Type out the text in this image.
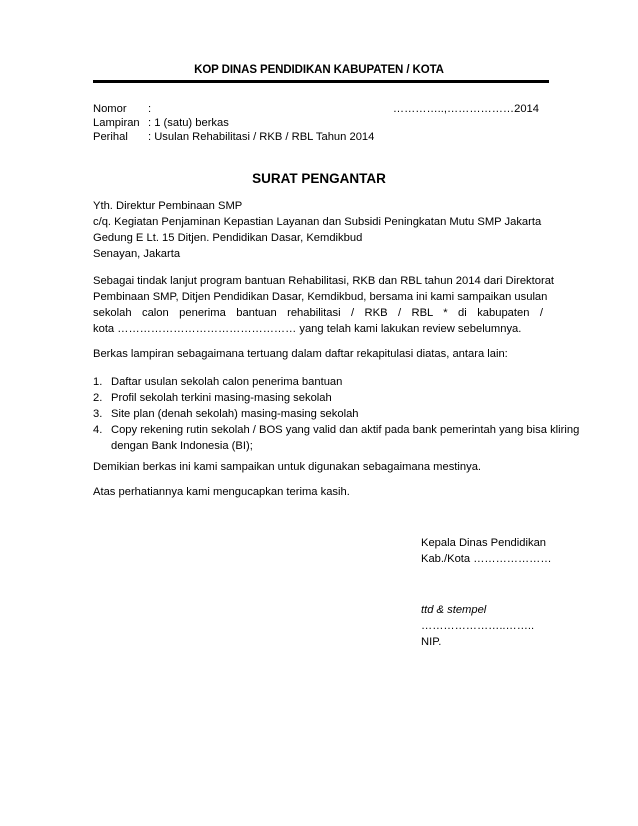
KOP DINAS PENDIDIKAN KABUPATEN / KOTA
Nomor :	…………..,………………2014
Lampiran : 1 (satu) berkas
Perihal : Usulan Rehabilitasi / RKB / RBL Tahun 2014
SURAT PENGANTAR
Yth. Direktur Pembinaan SMP
c/q. Kegiatan Penjaminan Kepastian Layanan dan Subsidi Peningkatan Mutu SMP Jakarta
Gedung E Lt. 15 Ditjen. Pendidikan Dasar, Kemdikbud
Senayan, Jakarta
Sebagai tindak lanjut program bantuan Rehabilitasi, RKB dan RBL tahun 2014 dari Direktorat
Pembinaan SMP, Ditjen Pendidikan Dasar, Kemdikbud, bersama ini kami sampaikan usulan
sekolah calon penerima bantuan rehabilitasi / RKB / RBL * di kabupaten /
kota ………………………………………… yang telah kami lakukan review sebelumnya.
Berkas lampiran sebagaimana tertuang dalam daftar rekapitulasi diatas, antara lain:
1. Daftar usulan sekolah calon penerima bantuan
2. Profil sekolah terkini masing-masing sekolah
3. Site plan (denah sekolah) masing-masing sekolah
4. Copy rekening rutin sekolah / BOS yang valid dan aktif pada bank pemerintah yang bisa kliring
dengan Bank Indonesia (BI);
Demikian berkas ini kami sampaikan untuk digunakan sebagaimana mestinya.
Atas perhatiannya kami mengucapkan terima kasih.
Kepala Dinas Pendidikan
Kab./Kota …………………
ttd & stempel
…………………..……..
NIP.
